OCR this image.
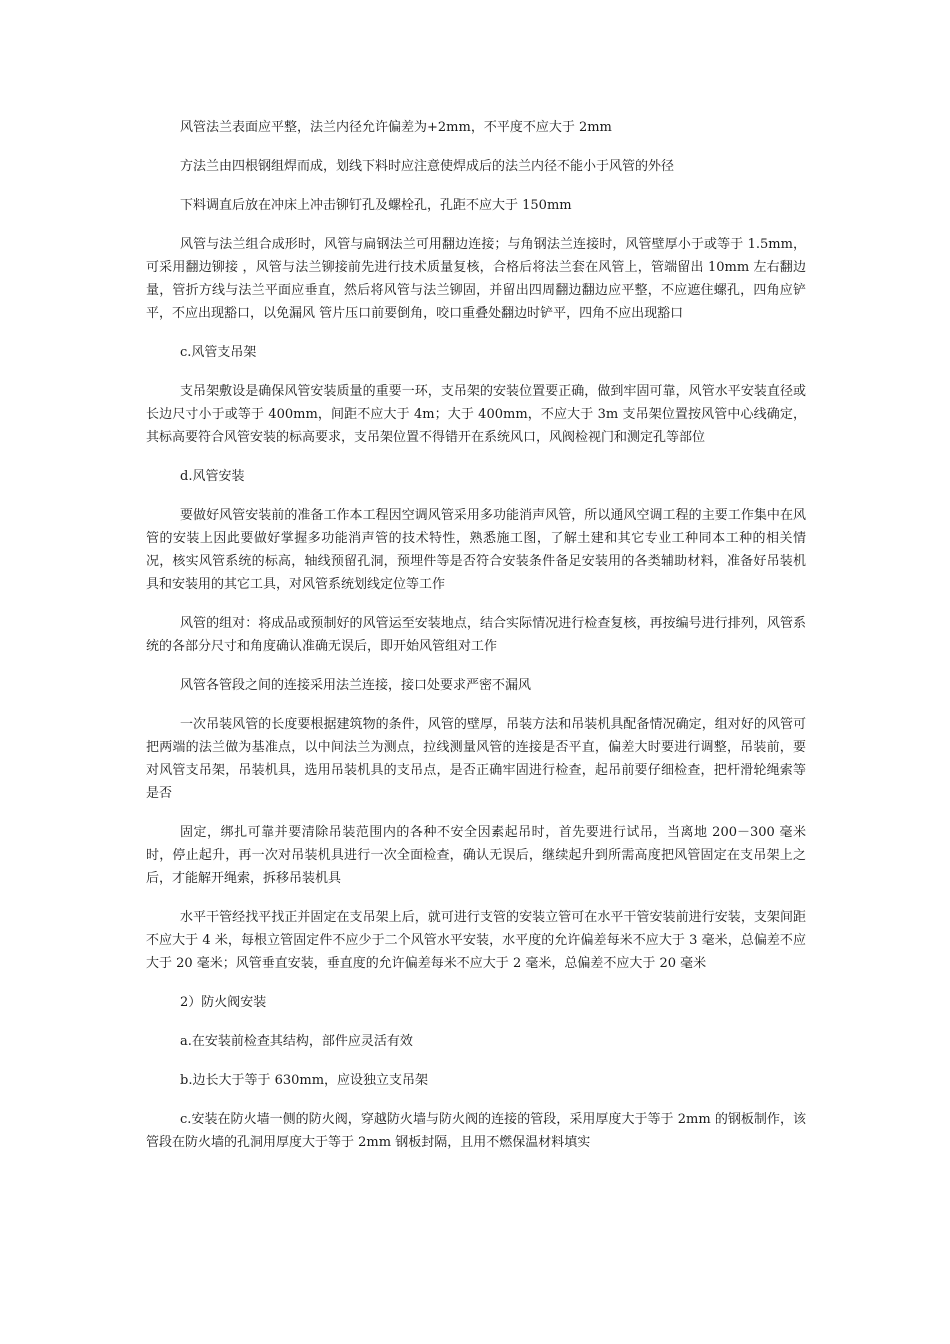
风管法兰表面应平整，法兰内径允许偏差为+2mm，不平度不应大于 2mm

方法兰由四根钢组焊而成，划线下料时应注意使焊成后的法兰内径不能小于风管的外径

下料调直后放在冲床上冲击铆钉孔及螺栓孔，孔距不应大于 150mm

风管与法兰组合成形时，风管与扁钢法兰可用翻边连接；与角钢法兰连接时，风管壁厚小于或等于 1.5mm，可采用翻边铆接 ，风管与法兰铆接前先进行技术质量复核，合格后将法兰套在风管上，管端留出 10mm 左右翻边量，管折方线与法兰平面应垂直，然后将风管与法兰铆固，并留出四周翻边翻边应平整，不应遮住螺孔，四角应铲平，不应出现豁口，以免漏风 管片压口前要倒角，咬口重叠处翻边时铲平，四角不应出现豁口

c.风管支吊架

支吊架敷设是确保风管安装质量的重要一环，支吊架的安装位置要正确，做到牢固可靠，风管水平安装直径或长边尺寸小于或等于 400mm，间距不应大于 4m；大于 400mm，不应大于 3m 支吊架位置按风管中心线确定，其标高要符合风管安装的标高要求，支吊架位置不得错开在系统风口，风阀检视门和测定孔等部位

d.风管安装

要做好风管安装前的准备工作本工程因空调风管采用多功能消声风管，所以通风空调工程的主要工作集中在风管的安装上因此要做好掌握多功能消声管的技术特性，熟悉施工图，了解土建和其它专业工种同本工种的相关情况，核实风管系统的标高，轴线预留孔洞，预埋件等是否符合安装条件备足安装用的各类辅助材料，准备好吊装机具和安装用的其它工具，对风管系统划线定位等工作

风管的组对：将成品或预制好的风管运至安装地点，结合实际情况进行检查复核，再按编号进行排列，风管系统的各部分尺寸和角度确认准确无误后，即开始风管组对工作

风管各管段之间的连接采用法兰连接，接口处要求严密不漏风

一次吊装风管的长度要根据建筑物的条件，风管的壁厚，吊装方法和吊装机具配备情况确定，组对好的风管可把两端的法兰做为基准点，以中间法兰为测点，拉线测量风管的连接是否平直，偏差大时要进行调整，吊装前，要对风管支吊架，吊装机具，选用吊装机具的支吊点，是否正确牢固进行检查，起吊前要仔细检查，把杆滑轮绳索等是否

固定，绑扎可靠并要清除吊装范围内的各种不安全因素起吊时，首先要进行试吊，当离地 200－300 毫米时，停止起升，再一次对吊装机具进行一次全面检查，确认无误后，继续起升到所需高度把风管固定在支吊架上之后，才能解开绳索，拆移吊装机具

水平干管经找平找正并固定在支吊架上后，就可进行支管的安装立管可在水平干管安装前进行安装，支架间距不应大于 4 米，每根立管固定件不应少于二个风管水平安装，水平度的允许偏差每米不应大于 3 毫米，总偏差不应大于 20 毫米；风管垂直安装，垂直度的允许偏差每米不应大于 2 毫米，总偏差不应大于 20 毫米

2）防火阀安装

a.在安装前检查其结构，部件应灵活有效

b.边长大于等于 630mm，应设独立支吊架

c.安装在防火墙一侧的防火阀，穿越防火墙与防火阀的连接的管段，采用厚度大于等于 2mm 的钢板制作，该管段在防火墙的孔洞用厚度大于等于 2mm 钢板封隔，且用不燃保温材料填实
